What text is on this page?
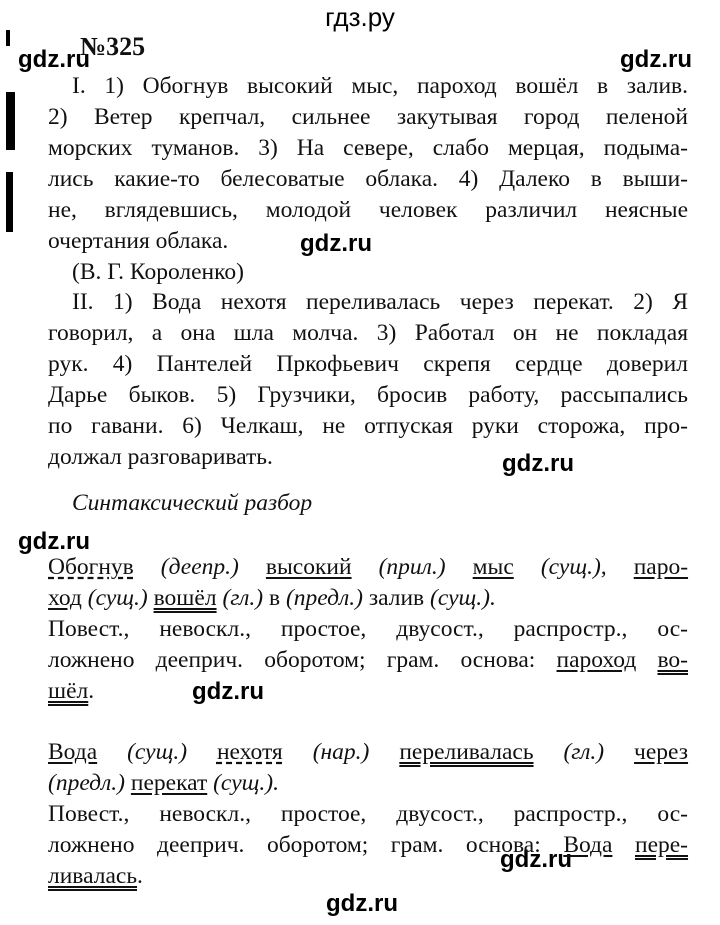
гдз.ру
gdz.ru	gdz.ru
gdz.ru
gdz.ru
gdz.ru
gdz.ru
gdz.ru
gdz.ru
№325
I. 1) Обогнув высокий мыс, пароход вошёл в залив.
2) Ветер крепчал, сильнее закутывая город пеленой
морских туманов. 3) На севере, слабо мерцая, подыма-
лись какие-то белесоватые облака. 4) Далеко в выши-
не, вглядевшись, молодой человек различил неясные
очертания облака.
(В. Г. Короленко)
II. 1) Вода нехотя переливалась через перекат. 2) Я
говорил, а она шла молча. 3) Работал он не покладая
рук. 4) Пантелей Пркофьевич скрепя сердце доверил
Дарье быков. 5) Грузчики, бросив работу, рассыпались
по гавани. 6) Челкаш, не отпуская руки сторожа, про-
должал разговаривать.
Синтаксический разбор
Обогнув (деепр.) высокий (прил.) мыс (сущ.), паро-
ход (сущ.) вошёл (гл.) в (предл.) залив (сущ.).
Повест., невоскл., простое, двусост., распростр., ос-
ложнено дееприч. оборотом; грам. основа: пароход во-
шёл.
Вода (сущ.) нехотя (нар.) переливалась (гл.) через
(предл.) перекат (сущ.).
Повест., невоскл., простое, двусост., распростр., ос-
ложнено дееприч. оборотом; грам. основа: Вода пере-
ливалась.
